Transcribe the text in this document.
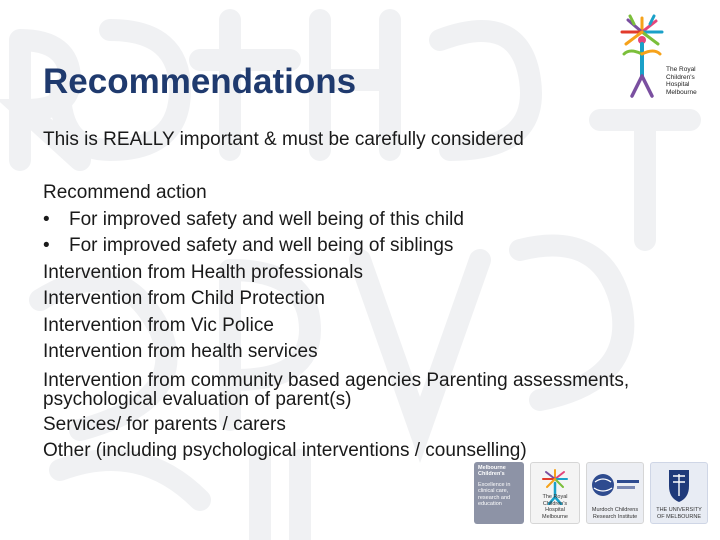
The Royal
Children's
Hospital
Melbourne
Recommendations

This is REALLY important & must be carefully considered

Recommend action
•	For improved safety and well being of this child
•	For improved safety and well being of siblings
Intervention from Health professionals
Intervention from Child Protection
Intervention from Vic Police
Intervention from health services
Intervention from community based agencies Parenting assessments, psychological evaluation of parent(s)
Services/ for parents / carers
Other (including psychological interventions / counselling)
Melbourne Children's
Excellence in clinical care, research and education
The Royal Children's Hospital Melbourne
Murdoch Childrens Research Institute
THE UNIVERSITY OF MELBOURNE
